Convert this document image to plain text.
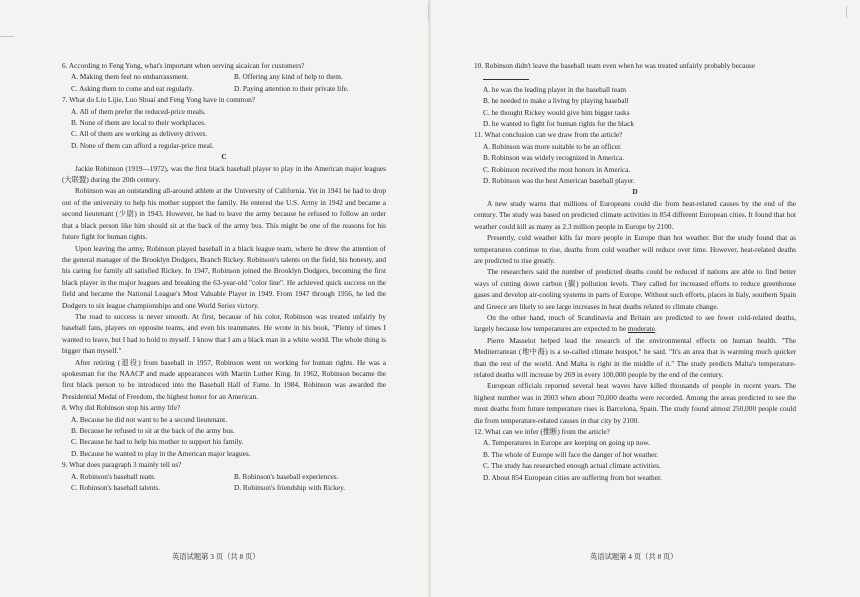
6. According to Feng Yong, what's important when serving aicaican for customers?
A. Making them feel no embarrassment.	B. Offering any kind of help to them.
C. Asking them to come and eat regularly.	D. Paying attention to their private life.
7. What do Liu Lijie, Luo Shuai and Feng Yong have in common?
A. All of them prefer the reduced-price meals.
B. None of them are local to their workplaces.
C. All of them are working as delivery drivers.
D. None of them can afford a regular-price meal.
C
Jackie Robinson (1919—1972), was the first black baseball player to play in the American major leagues (大联盟) during the 20th century.
Robinson was an outstanding all-around athlete at the University of California. Yet in 1941 he had to drop out of the university to help his mother support the family. He entered the U.S. Army in 1942 and became a second lieutenant (少尉) in 1943. However, he had to leave the army because he refused to follow an order that a black person like him should sit at the back of the army bus. This might be one of the reasons for his future fight for human rights.
Upon leaving the army, Robinson played baseball in a black league team, where he drew the attention of the general manager of the Brooklyn Dodgers, Branch Rickey. Robinson's talents on the field, his honesty, and his caring for family all satisfied Rickey. In 1947, Robinson joined the Brooklyn Dodgers, becoming the first black player in the major leagues and breaking the 63-year-old "color line". He achieved quick success on the field and became the National League's Most Valuable Player in 1949. From 1947 through 1956, he led the Dodgers to six league championships and one World Series victory.
The road to success is never smooth. At first, because of his color, Robinson was treated unfairly by baseball fans, players on opposite teams, and even his teammates. He wrote in his book, "Plenty of times I wanted to leave, but I had to hold to myself. I know that I am a black man in a white world. The whole thing is bigger than myself."
After retiring (退役) from baseball in 1957, Robinson went on working for human rights. He was a spokesman for the NAACP and made appearances with Martin Luther King. In 1962, Robinson became the first black person to be introduced into the Baseball Hall of Fame. In 1984, Robinson was awarded the Presidential Medal of Freedom, the highest honor for an American.
8. Why did Robinson stop his army life?
A. Because he did not want to be a second lieutenant.
B. Because he refused to sit at the back of the army bus.
C. Because he had to help his mother to support his family.
D. Because he wanted to play in the American major leagues.
9. What does paragraph 3 mainly tell us?
A. Robinson's baseball team.	B. Robinson's baseball experiences.
C. Robinson's baseball talents.	D. Robinson's friendship with Rickey.
英语试题第 3 页（共 8 页）
10. Robinson didn't leave the baseball team even when he was treated unfairly probably because
A. he was the leading player in the baseball team
B. he needed to make a living by playing baseball
C. he thought Rickey would give him bigger tasks
D. he wanted to fight for human rights for the black
11. What conclusion can we draw from the article?
A. Robinson was more suitable to be an officer.
B. Robinson was widely recognized in America.
C. Robinson received the most honors in America.
D. Robinson was the best American baseball player.
D
A new study warns that millions of Europeans could die from heat-related causes by the end of the century. The study was based on predicted climate activities in 854 different European cities. It found that hot weather could kill as many as 2.3 million people in Europe by 2100.
Presently, cold weather kills far more people in Europe than hot weather. But the study found that as temperatures continue to rise, deaths from cold weather will reduce over time. However, heat-related deaths are predicted to rise greatly.
The researchers said the number of predicted deaths could be reduced if nations are able to find better ways of cutting down carbon (碳) pollution levels. They called for increased efforts to reduce greenhouse gases and develop air-cooling systems in parts of Europe. Without such efforts, places in Italy, southern Spain and Greece are likely to see large increases in heat deaths related to climate change.
On the other hand, much of Scandinavia and Britain are predicted to see fewer cold-related deaths, largely because low temperatures are expected to be moderate.
Pierre Masselot helped lead the research of the environmental effects on human health. "The Mediterranean (地中海) is a so-called climate hotspot," he said. "It's an area that is warming much quicker than the rest of the world. And Malta is right in the middle of it." The study predicts Malta's temperature-related deaths will increase by 269 in every 100,000 people by the end of the century.
European officials reported several heat waves have killed thousands of people in recent years. The highest number was in 2003 when about 70,000 deaths were recorded. Among the areas predicted to see the most deaths from future temperature rises is Barcelona, Spain. The study found almost 250,000 people could die from temperature-related causes in that city by 2100.
12. What can we infer (推断) from the article?
A. Temperatures in Europe are keeping on going up now.
B. The whole of Europe will face the danger of hot weather.
C. The study has researched enough actual climate activities.
D. About 854 European cities are suffering from hot weather.
英语试题第 4 页（共 8 页）
